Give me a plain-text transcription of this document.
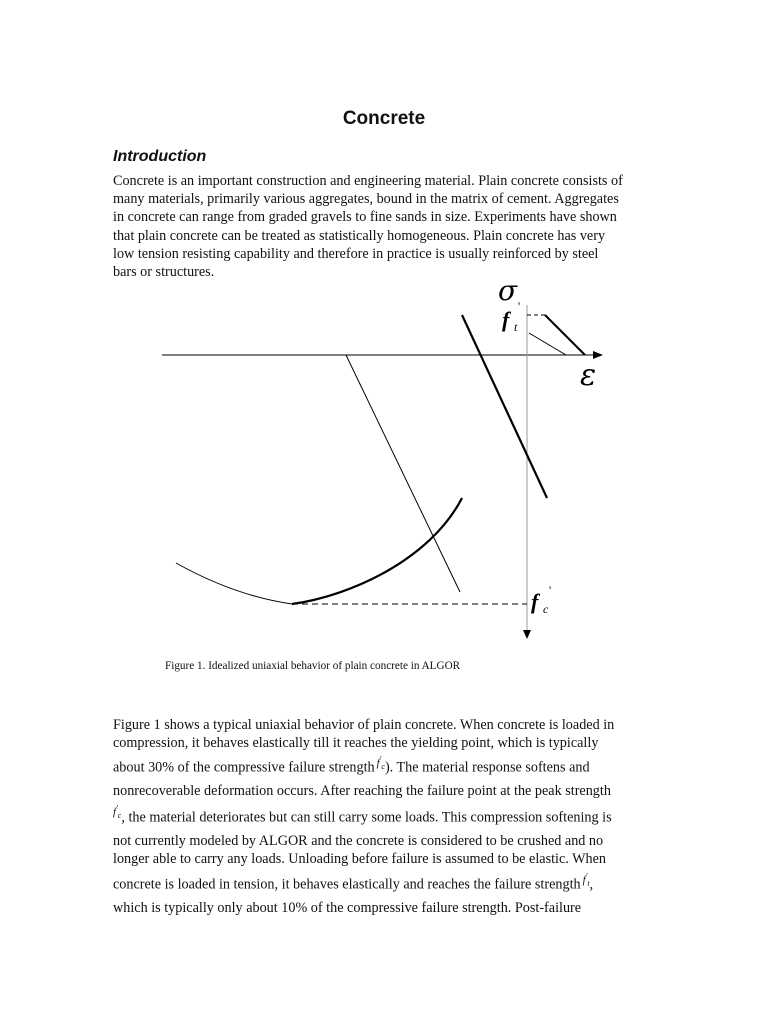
Concrete
Introduction
Concrete is an important construction and engineering material. Plain concrete consists of
many materials, primarily various aggregates, bound in the matrix of cement. Aggregates
in concrete can range from graded gravels to fine sands in size. Experiments have shown
that plain concrete can be treated as statistically homogeneous. Plain concrete has very
low tension resisting capability and therefore in practice is usually reinforced by steel
bars or structures.
σ
ε
f t
'
f c
'
Figure 1. Idealized uniaxial behavior of plain concrete in ALGOR
Figure 1 shows a typical uniaxial behavior of plain concrete. When concrete is loaded in
compression, it behaves elastically till it reaches the yielding point, which is typically
about 30% of the compressive failure strength $^{f'_c}$). The material response softens and
nonrecoverable deformation occurs. After reaching the failure point at the peak strength
$^{f'_c}$, the material deteriorates but can still carry some loads. This compression softening is
not currently modeled by ALGOR and the concrete is considered to be crushed and no
longer able to carry any loads. Unloading before failure is assumed to be elastic. When
concrete is loaded in tension, it behaves elastically and reaches the failure strength $^{f'_t}$,
which is typically only about 10% of the compressive failure strength. Post-failure
